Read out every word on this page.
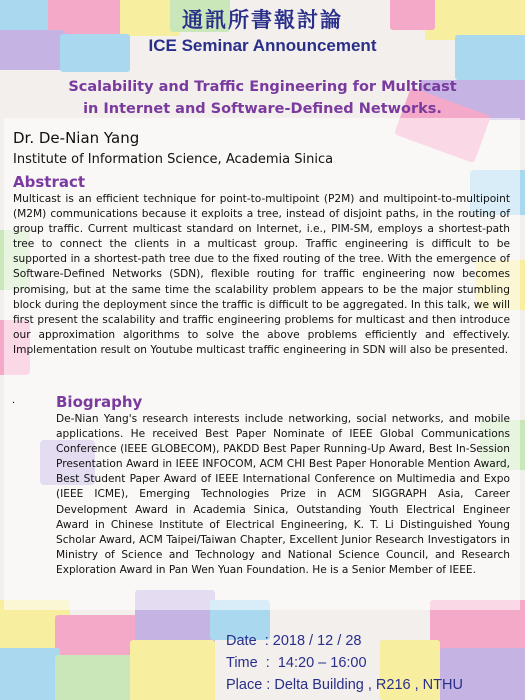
通訊所書報討論
ICE Seminar Announcement
Scalability and Traffic Engineering for Multicast
in Internet and Software-Defined Networks.
Dr. De-Nian Yang
Institute of Information Science, Academia Sinica
Abstract

Multicast is an efficient technique for point-to-multipoint (P2M) and multipoint-to-multipoint (M2M) communications because it exploits a tree, instead of disjoint paths, in the routing of group traffic. Current multicast standard on Internet, i.e., PIM-SM, employs a shortest-path tree to connect the clients in a multicast group. Traffic engineering is difficult to be supported in a shortest-path tree due to the fixed routing of the tree. With the emergence of Software-Defined Networks (SDN), flexible routing for traffic engineering now becomes promising, but at the same time the scalability problem appears to be the major stumbling block during the deployment since the traffic is difficult to be aggregated. In this talk, we will first present the scalability and traffic engineering problems for multicast and then introduce our approximation algorithms to solve the above problems efficiently and effectively. Implementation result on Youtube multicast traffic engineering in SDN will also be presented.

.	Biography

De-Nian Yang's research interests include networking, social networks, and mobile applications. He received Best Paper Nominate of IEEE Global Communications Conference (IEEE GLOBECOM), PAKDD Best Paper Running-Up Award, Best In-Session Presentation Award in IEEE INFOCOM, ACM CHI Best Paper Honorable Mention Award, Best Student Paper Award of IEEE International Conference on Multimedia and Expo (IEEE ICME), Emerging Technologies Prize in ACM SIGGRAPH Asia, Career Development Award in Academia Sinica, Outstanding Youth Electrical Engineer Award in Chinese Institute of Electrical Engineering, K. T. Li Distinguished Young Scholar Award, ACM Taipei/Taiwan Chapter, Excellent Junior Research Investigators in Ministry of Science and Technology and National Science Council, and Research Exploration Award in Pan Wen Yuan Foundation. He is a Senior Member of IEEE.

Date  : 2018 / 12 / 28
Time  :  14:20 – 16:00
Place : Delta Building , R216 , NTHU
